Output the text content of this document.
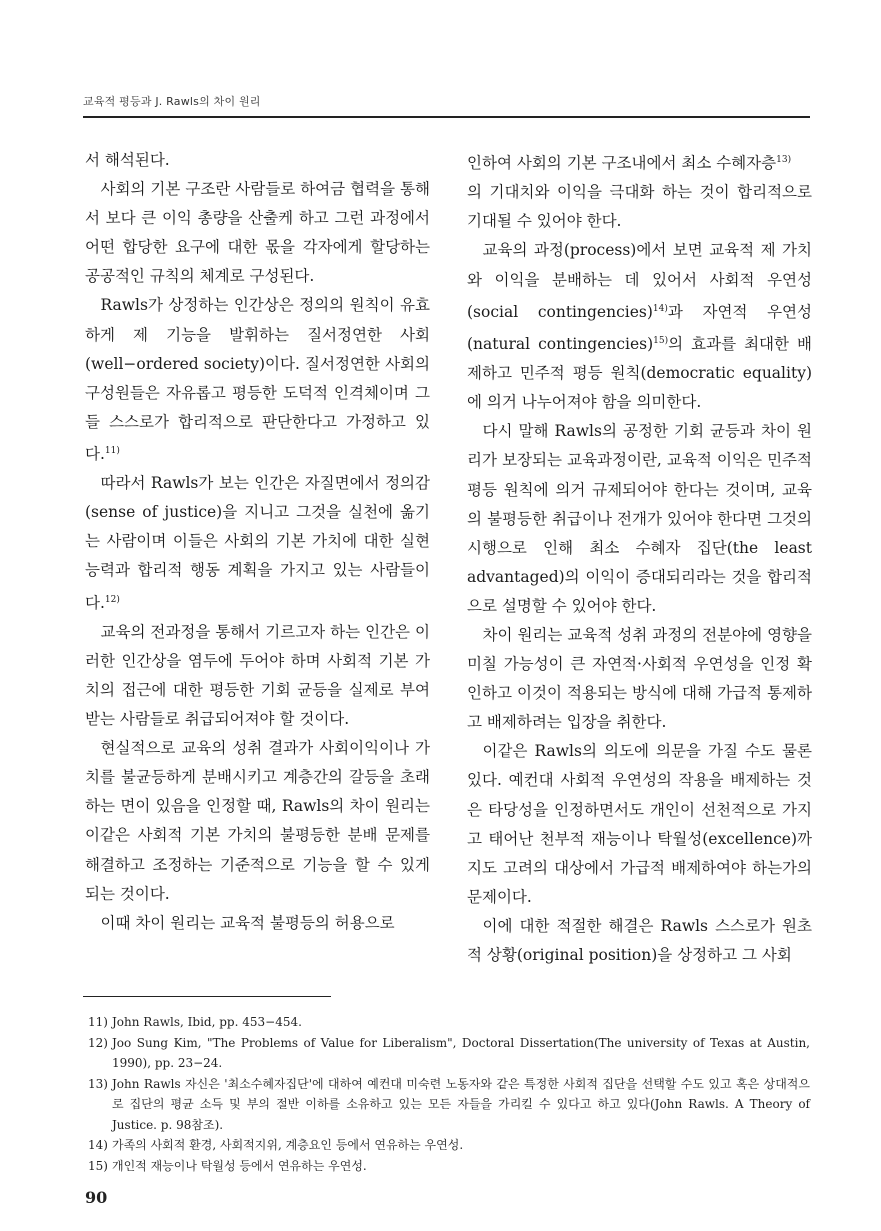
교육적 평등과 J. Rawls의 차이 원리

서 해석된다.

사회의 기본 구조란 사람들로 하여금 협력을 통해서 보다 큰 이익 총량을 산출케 하고 그런 과정에서 어떤 합당한 요구에 대한 몫을 각자에게 할당하는 공공적인 규칙의 체계로 구성된다.

Rawls가 상정하는 인간상은 정의의 원칙이 유효하게 제 기능을 발휘하는 질서정연한 사회(well−ordered society)이다. 질서정연한 사회의 구성원들은 자유롭고 평등한 도덕적 인격체이며 그들 스스로가 합리적으로 판단한다고 가정하고 있다.$^{11)}$

따라서 Rawls가 보는 인간은 자질면에서 정의감(sense of justice)을 지니고 그것을 실천에 옮기는 사람이며 이들은 사회의 기본 가치에 대한 실현 능력과 합리적 행동 계획을 가지고 있는 사람들이다.$^{12)}$

교육의 전과정을 통해서 기르고자 하는 인간은 이러한 인간상을 염두에 두어야 하며 사회적 기본 가치의 접근에 대한 평등한 기회 균등을 실제로 부여받는 사람들로 취급되어져야 할 것이다.

현실적으로 교육의 성취 결과가 사회이익이나 가치를 불균등하게 분배시키고 계층간의 갈등을 초래하는 면이 있음을 인정할 때, Rawls의 차이 원리는 이같은 사회적 기본 가치의 불평등한 분배 문제를 해결하고 조정하는 기준적으로 기능을 할 수 있게 되는 것이다.

이때 차이 원리는 교육적 불평등의 허용으로

인하여 사회의 기본 구조내에서 최소 수혜자층$^{13)}$

의 기대치와 이익을 극대화 하는 것이 합리적으로 기대될 수 있어야 한다.

교육의 과정(process)에서 보면 교육적 제 가치와 이익을 분배하는 데 있어서 사회적 우연성(social contingencies)$^{14)}$과 자연적 우연성(natural contingencies)$^{15)}$의 효과를 최대한 배제하고 민주적 평등 원칙(democratic equality)에 의거 나누어져야 함을 의미한다.

다시 말해 Rawls의 공정한 기회 균등과 차이 원리가 보장되는 교육과정이란, 교육적 이익은 민주적 평등 원칙에 의거 규제되어야 한다는 것이며, 교육의 불평등한 취급이나 전개가 있어야 한다면 그것의 시행으로 인해 최소 수혜자 집단(the least advantaged)의 이익이 증대되리라는 것을 합리적으로 설명할 수 있어야 한다.

차이 원리는 교육적 성취 과정의 전분야에 영향을 미칠 가능성이 큰 자연적·사회적 우연성을 인정 확인하고 이것이 적용되는 방식에 대해 가급적 통제하고 배제하려는 입장을 취한다.

이같은 Rawls의 의도에 의문을 가질 수도 물론 있다. 예컨대 사회적 우연성의 작용을 배제하는 것은 타당성을 인정하면서도 개인이 선천적으로 가지고 태어난 천부적 재능이나 탁월성(excellence)까지도 고려의 대상에서 가급적 배제하여야 하는가의 문제이다.

이에 대한 적절한 해결은 Rawls 스스로가 원초적 상황(original position)을 상정하고 그 사회

11) John Rawls, Ibid, pp. 453−454.
12) Joo Sung Kim, "The Problems of Value for Liberalism", Doctoral Dissertation(The university of Texas at Austin, 1990), pp. 23−24.
13) John Rawls 자신은 '최소수혜자집단'에 대하여 예컨대 미숙련 노동자와 같은 특정한 사회적 집단을 선택할 수도 있고 혹은 상대적으로 집단의 평균 소득 및 부의 절반 이하를 소유하고 있는 모든 자들을 가리킬 수 있다고 하고 있다(John Rawls. A Theory of Justice. p. 98참조).
14) 가족의 사회적 환경, 사회적지위, 계층요인 등에서 연유하는 우연성.
15) 개인적 재능이나 탁월성 등에서 연유하는 우연성.
90
